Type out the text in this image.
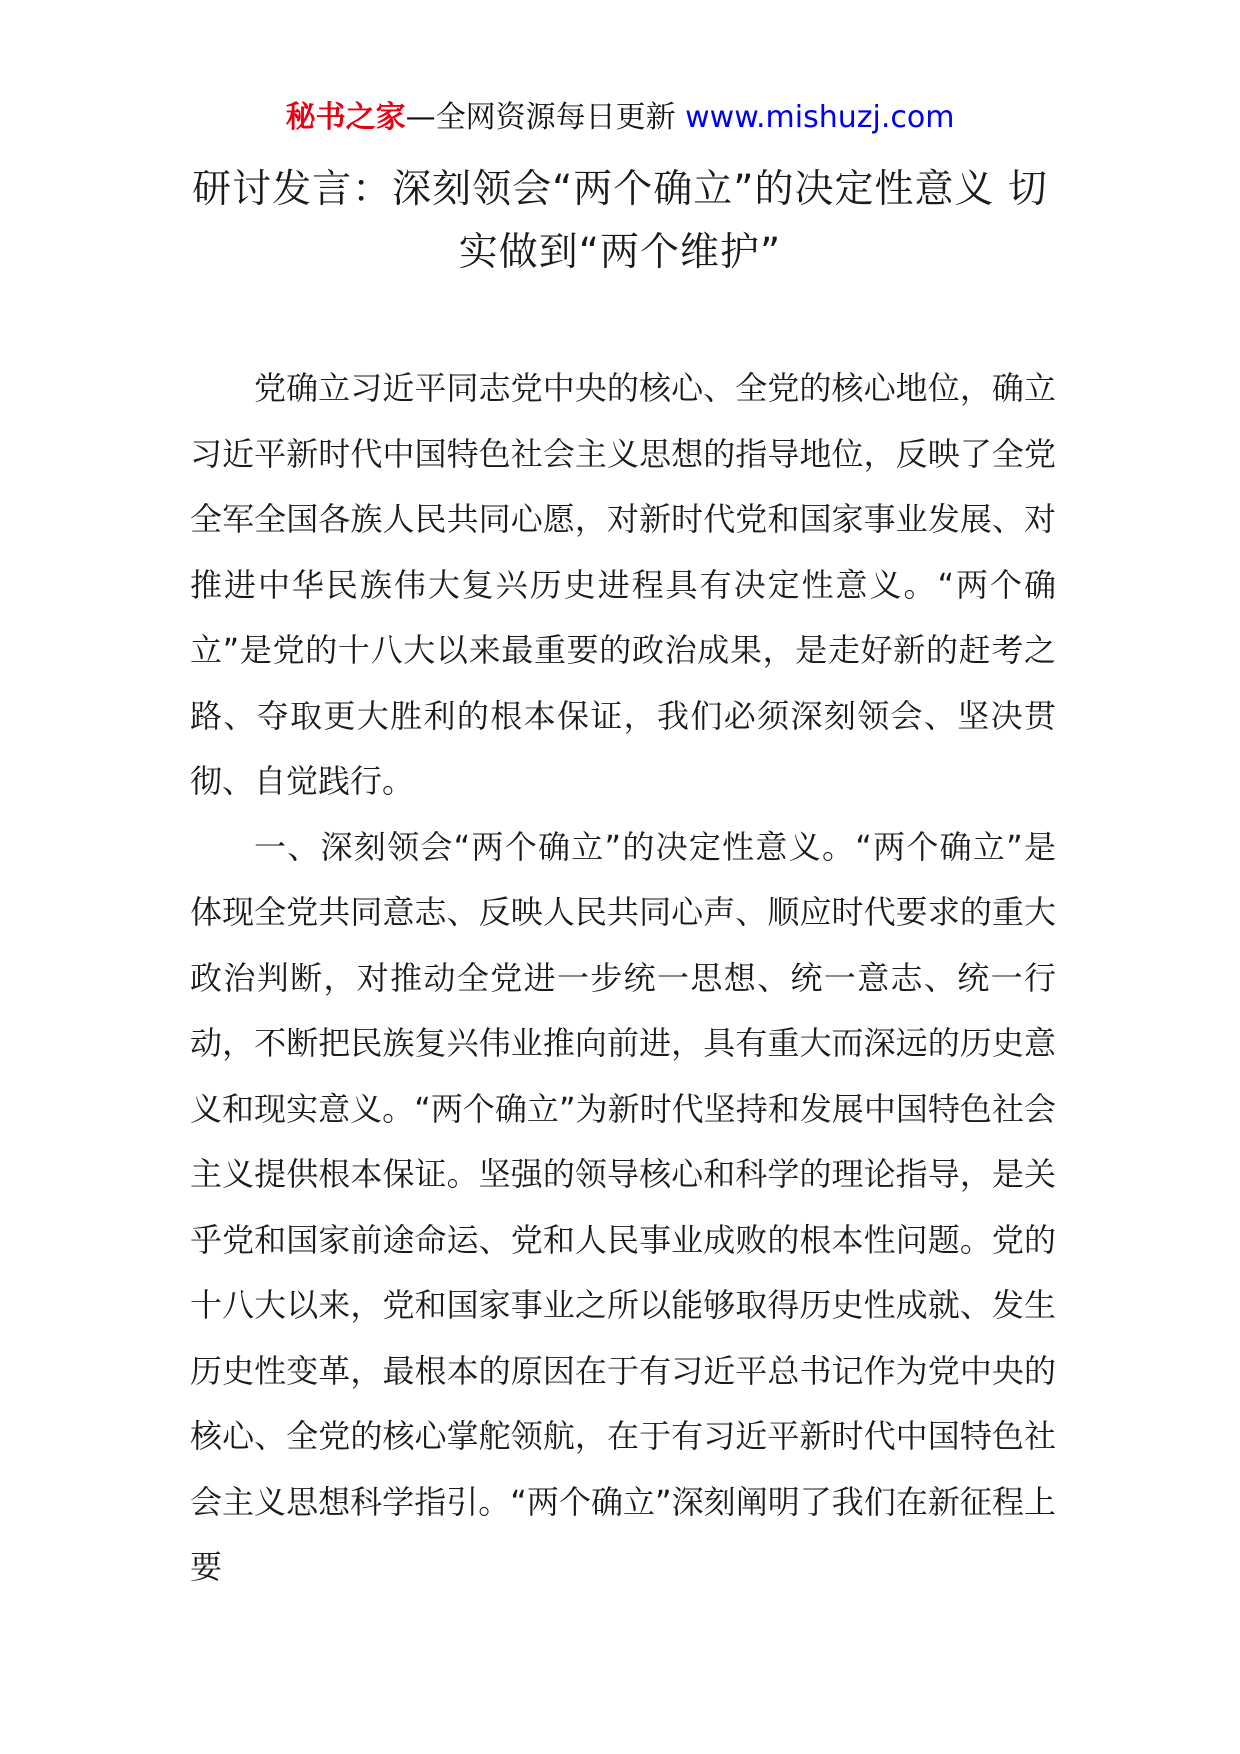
秘书之家—全网资源每日更新 www.mishuzj.com
研讨发言：深刻领会“两个确立”的决定性意义 切实做到“两个维护”

党确立习近平同志党中央的核心、全党的核心地位，确立习近平新时代中国特色社会主义思想的指导地位，反映了全党全军全国各族人民共同心愿，对新时代党和国家事业发展、对推进中华民族伟大复兴历史进程具有决定性意义。“两个确立”是党的十八大以来最重要的政治成果，是走好新的赶考之路、夺取更大胜利的根本保证，我们必须深刻领会、坚决贯彻、自觉践行。

一、深刻领会“两个确立”的决定性意义。“两个确立”是体现全党共同意志、反映人民共同心声、顺应时代要求的重大政治判断，对推动全党进一步统一思想、统一意志、统一行动，不断把民族复兴伟业推向前进，具有重大而深远的历史意义和现实意义。“两个确立”为新时代坚持和发展中国特色社会主义提供根本保证。坚强的领导核心和科学的理论指导，是关乎党和国家前途命运、党和人民事业成败的根本性问题。党的十八大以来，党和国家事业之所以能够取得历史性成就、发生历史性变革，最根本的原因在于有习近平总书记作为党中央的核心、全党的核心掌舵领航，在于有习近平新时代中国特色社会主义思想科学指引。“两个确立”深刻阐明了我们在新征程上要
